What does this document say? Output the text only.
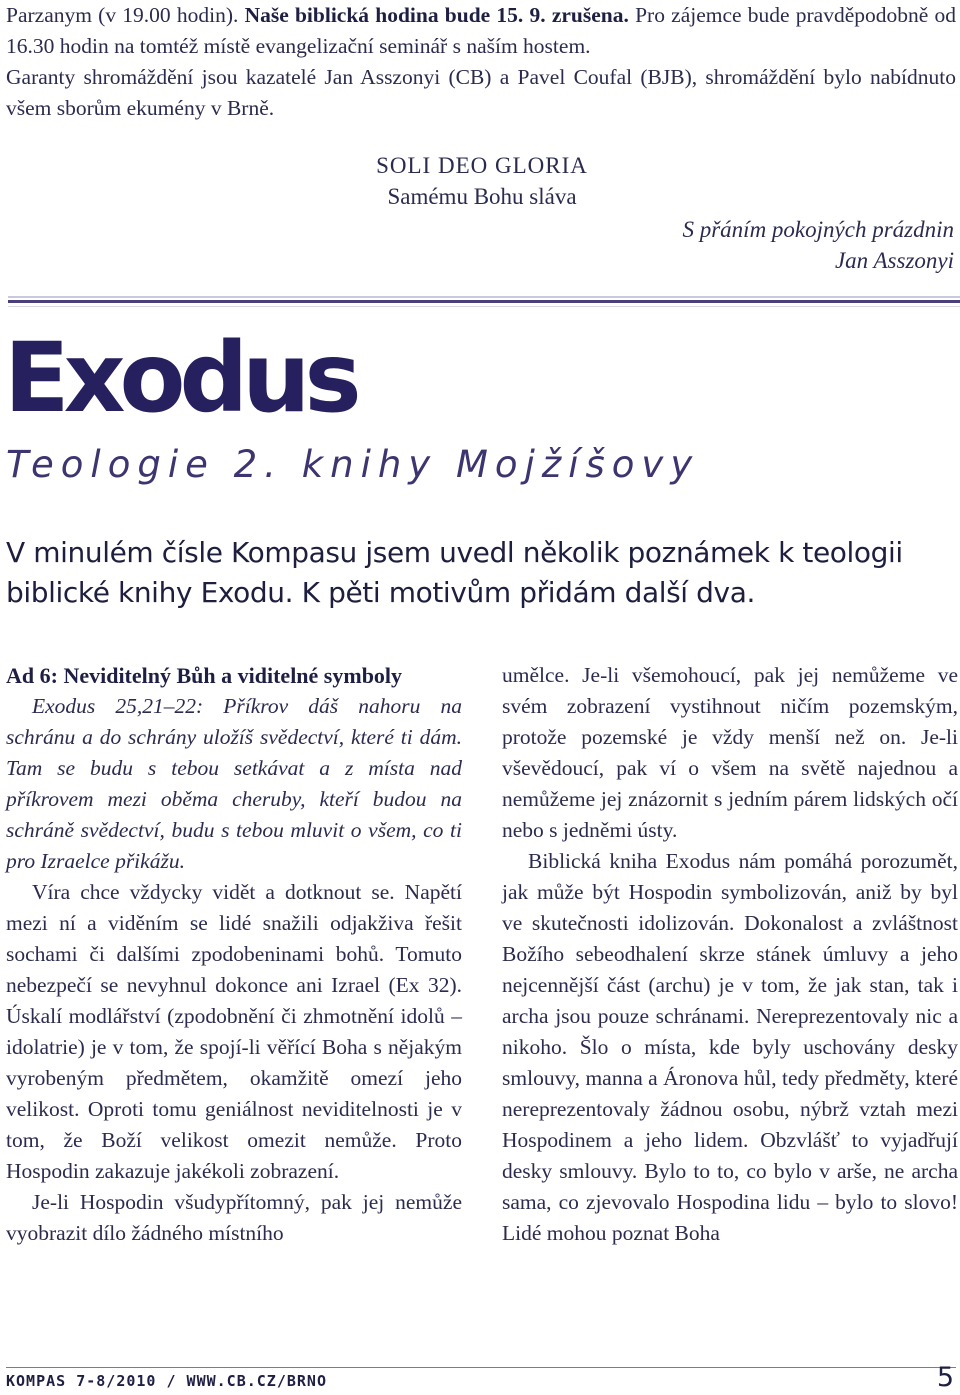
Parzanym (v 19.00 hodin). Naše biblická hodina bude 15. 9. zrušena. Pro zájemce bude pravděpodobně od 16.30 hodin na tomtéž místě evangelizační seminář s naším hostem.

Garanty shromáždění jsou kazatelé Jan Asszonyi (CB) a Pavel Coufal (BJB), shromáždění bylo nabídnuto všem sborům ekumény v Brně.

SOLI DEO GLORIA
Samému Bohu sláva
S přáním pokojných prázdnin
Jan Asszonyi
Exodus
Teologie 2. knihy Mojžíšovy
V minulém čísle Kompasu jsem uvedl několik poznámek k teologii biblické knihy Exodu. K pěti motivům přidám další dva.

Ad 6: Neviditelný Bůh a viditelné symboly

Exodus 25,21–22: Příkrov dáš nahoru na schránu a do schrány uložíš svědectví, které ti dám. Tam se budu s tebou setkávat a z místa nad příkrovem mezi oběma cheruby, kteří budou na schráně svědectví, budu s tebou mluvit o všem, co ti pro Izraelce přikážu.

Víra chce vždycky vidět a dotknout se. Napětí mezi ní a viděním se lidé snažili odjakživa řešit sochami či dalšími zpodobeninami bohů. Tomuto nebezpečí se nevyhnul dokonce ani Izrael (Ex 32). Úskalí modlářství (zpodobnění či zhmotnění idolů – idolatrie) je v tom, že spojí-li věřící Boha s nějakým vyrobeným předmětem, okamžitě omezí jeho velikost. Oproti tomu geniálnost neviditelnosti je v tom, že Boží velikost omezit nemůže. Proto Hospodin zakazuje jakékoli zobrazení.

Je-li Hospodin všudypřítomný, pak jej nemůže vyobrazit dílo žádného místního

umělce. Je-li všemohoucí, pak jej nemůžeme ve svém zobrazení vystihnout ničím pozemským, protože pozemské je vždy menší než on. Je-li vševědoucí, pak ví o všem na světě najednou a nemůžeme jej znázornit s jedním párem lidských očí nebo s jedněmi ústy.

Biblická kniha Exodus nám pomáhá porozumět, jak může být Hospodin symbolizován, aniž by byl ve skutečnosti idolizován. Dokonalost a zvláštnost Božího sebeodhalení skrze stánek úmluvy a jeho nejcennější část (archu) je v tom, že jak stan, tak i archa jsou pouze schránami. Nereprezentovaly nic a nikoho. Šlo o místa, kde byly uschovány desky smlouvy, manna a Áronova hůl, tedy předměty, které nereprezentovaly žádnou osobu, nýbrž vztah mezi Hospodinem a jeho lidem. Obzvlášť to vyjadřují desky smlouvy. Bylo to to, co bylo v arše, ne archa sama, co zjevovalo Hospodina lidu – bylo to slovo! Lidé mohou poznat Boha

KOMPAS 7-8/2010 / WWW.CB.CZ/BRNO	5
